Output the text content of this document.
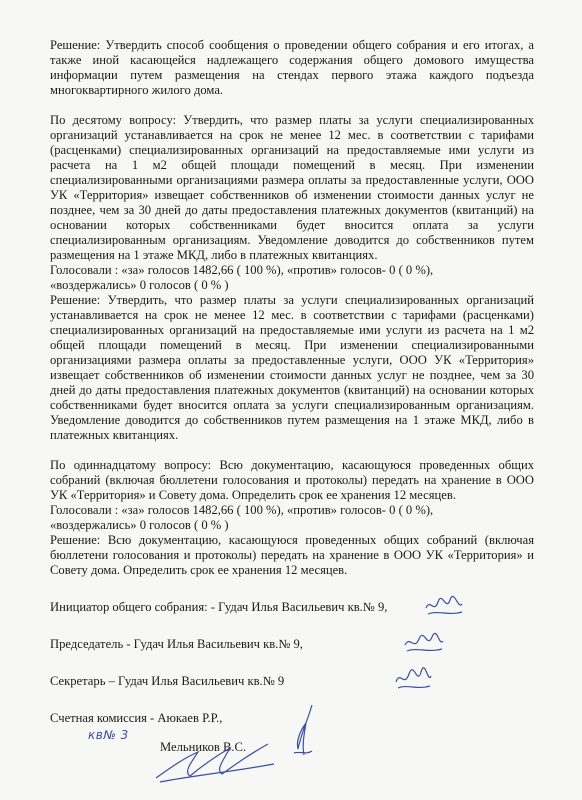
Решение: Утвердить способ сообщения о проведении общего собрания и его итогах, а также иной касающейся надлежащего содержания общего домового имущества информации путем размещения на стендах первого этажа каждого подъезда многоквартирного жилого дома.

По десятому вопросу: Утвердить, что размер платы за услуги специализированных организаций устанавливается на срок не менее 12 мес. в соответствии с тарифами (расценками) специализированных организаций на предоставляемые ими услуги из расчета на 1 м2 общей площади помещений в месяц. При изменении специализированными организациями размера оплаты за предоставленные услуги, ООО УК «Территория» извещает собственников об изменении стоимости данных услуг не позднее, чем за 30 дней до даты предоставления платежных документов (квитанций) на основании которых собственниками будет вносится оплата за услуги специализированным организациям. Уведомление доводится до собственников путем размещения на 1 этаже МКД, либо в платежных квитанциях.

Голосовали : «за» голосов 1482,66 ( 100 %), «против» голосов- 0 ( 0 %),
«воздержались» 0 голосов ( 0 % )

Решение: Утвердить, что размер платы за услуги специализированных организаций устанавливается на срок не менее 12 мес. в соответствии с тарифами (расценками) специализированных организаций на предоставляемые ими услуги из расчета на 1 м2 общей площади помещений в месяц. При изменении специализированными организациями размера оплаты за предоставленные услуги, ООО УК «Территория» извещает собственников об изменении стоимости данных услуг не позднее, чем за 30 дней до даты предоставления платежных документов (квитанций) на основании которых собственниками будет вносится оплата за услуги специализированным организациям. Уведомление доводится до собственников путем размещения на 1 этаже МКД, либо в платежных квитанциях.

По одиннадцатому вопросу: Всю документацию, касающуюся проведенных общих собраний (включая бюллетени голосования и протоколы) передать на хранение в ООО УК «Территория» и Совету дома. Определить срок ее хранения 12 месяцев.

Голосовали : «за» голосов 1482,66 ( 100 %), «против» голосов- 0 ( 0 %),
«воздержались» 0 голосов ( 0 % )

Решение: Всю документацию, касающуюся проведенных общих собраний (включая бюллетени голосования и протоколы) передать на хранение в ООО УК «Территория» и Совету дома. Определить срок ее хранения 12 месяцев.

Инициатор общего собрания: - Гудач Илья Васильевич кв.№ 9,
Председатель - Гудач Илья Васильевич кв.№ 9,
Секретарь – Гудач Илья Васильевич кв.№ 9
Счетная комиссия - Аюкаев Р.Р.,
Мельников В.С.
кв№ 3
